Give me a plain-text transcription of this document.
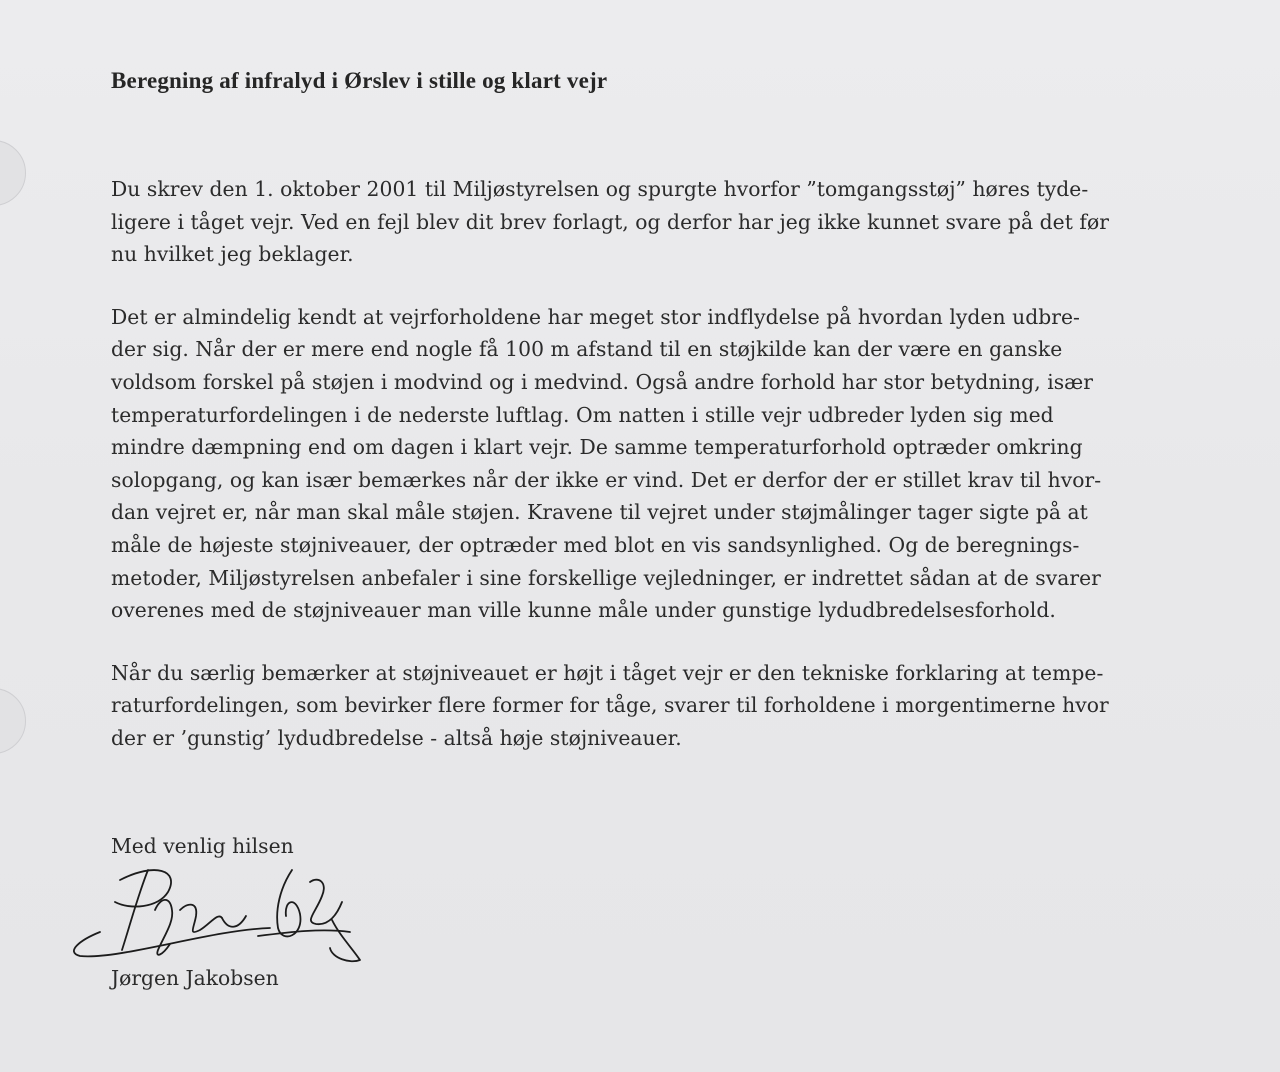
Beregning af infralyd i Ørslev i stille og klart vejr
Du skrev den 1. oktober 2001 til Miljøstyrelsen og spurgte hvorfor ”tomgangsstøj” høres tyde-
ligere i tåget vejr. Ved en fejl blev dit brev forlagt, og derfor har jeg ikke kunnet svare på det før
nu hvilket jeg beklager.
Det er almindelig kendt at vejrforholdene har meget stor indflydelse på hvordan lyden udbre-
der sig. Når der er mere end nogle få 100 m afstand til en støjkilde kan der være en ganske
voldsom forskel på støjen i modvind og i medvind. Også andre forhold har stor betydning, især
temperaturfordelingen i de nederste luftlag. Om natten i stille vejr udbreder lyden sig med
mindre dæmpning end om dagen i klart vejr. De samme temperaturforhold optræder omkring
solopgang, og kan især bemærkes når der ikke er vind. Det er derfor der er stillet krav til hvor-
dan vejret er, når man skal måle støjen. Kravene til vejret under støjmålinger tager sigte på at
måle de højeste støjniveauer, der optræder med blot en vis sandsynlighed. Og de beregnings-
metoder, Miljøstyrelsen anbefaler i sine forskellige vejledninger, er indrettet sådan at de svarer
overenes med de støjniveauer man ville kunne måle under gunstige lydudbredelsesforhold.
Når du særlig bemærker at støjniveauet er højt i tåget vejr er den tekniske forklaring at tempe-
raturfordelingen, som bevirker flere former for tåge, svarer til forholdene i morgentimerne hvor
der er ’gunstig’ lydudbredelse - altså høje støjniveauer.
Med venlig hilsen
Jørgen Jakobsen
